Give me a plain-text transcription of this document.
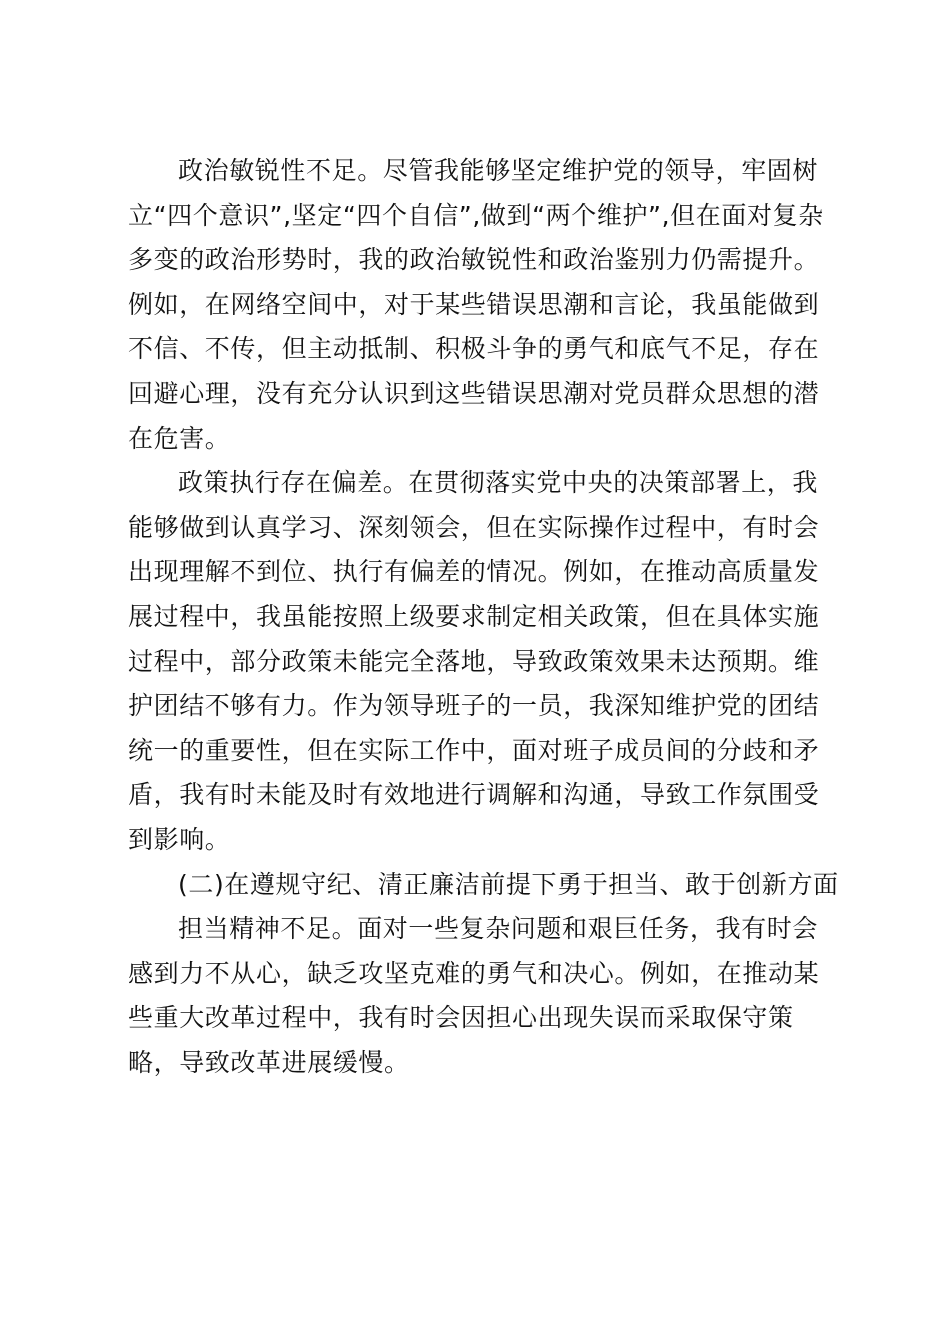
政治敏锐性不足。尽管我能够坚定维护党的领导，牢固树
立“四个意识”,坚定“四个自信”,做到“两个维护”,但在面对复杂
多变的政治形势时，我的政治敏锐性和政治鉴别力仍需提升。
例如，在网络空间中，对于某些错误思潮和言论，我虽能做到
不信、不传，但主动抵制、积极斗争的勇气和底气不足，存在
回避心理，没有充分认识到这些错误思潮对党员群众思想的潜
在危害。
政策执行存在偏差。在贯彻落实党中央的决策部署上，我
能够做到认真学习、深刻领会，但在实际操作过程中，有时会
出现理解不到位、执行有偏差的情况。例如，在推动高质量发
展过程中，我虽能按照上级要求制定相关政策，但在具体实施
过程中，部分政策未能完全落地，导致政策效果未达预期。维
护团结不够有力。作为领导班子的一员，我深知维护党的团结
统一的重要性，但在实际工作中，面对班子成员间的分歧和矛
盾，我有时未能及时有效地进行调解和沟通，导致工作氛围受
到影响。
(二)在遵规守纪、清正廉洁前提下勇于担当、敢于创新方面
担当精神不足。面对一些复杂问题和艰巨任务，我有时会
感到力不从心，缺乏攻坚克难的勇气和决心。例如，在推动某
些重大改革过程中，我有时会因担心出现失误而采取保守策
略，导致改革进展缓慢。
